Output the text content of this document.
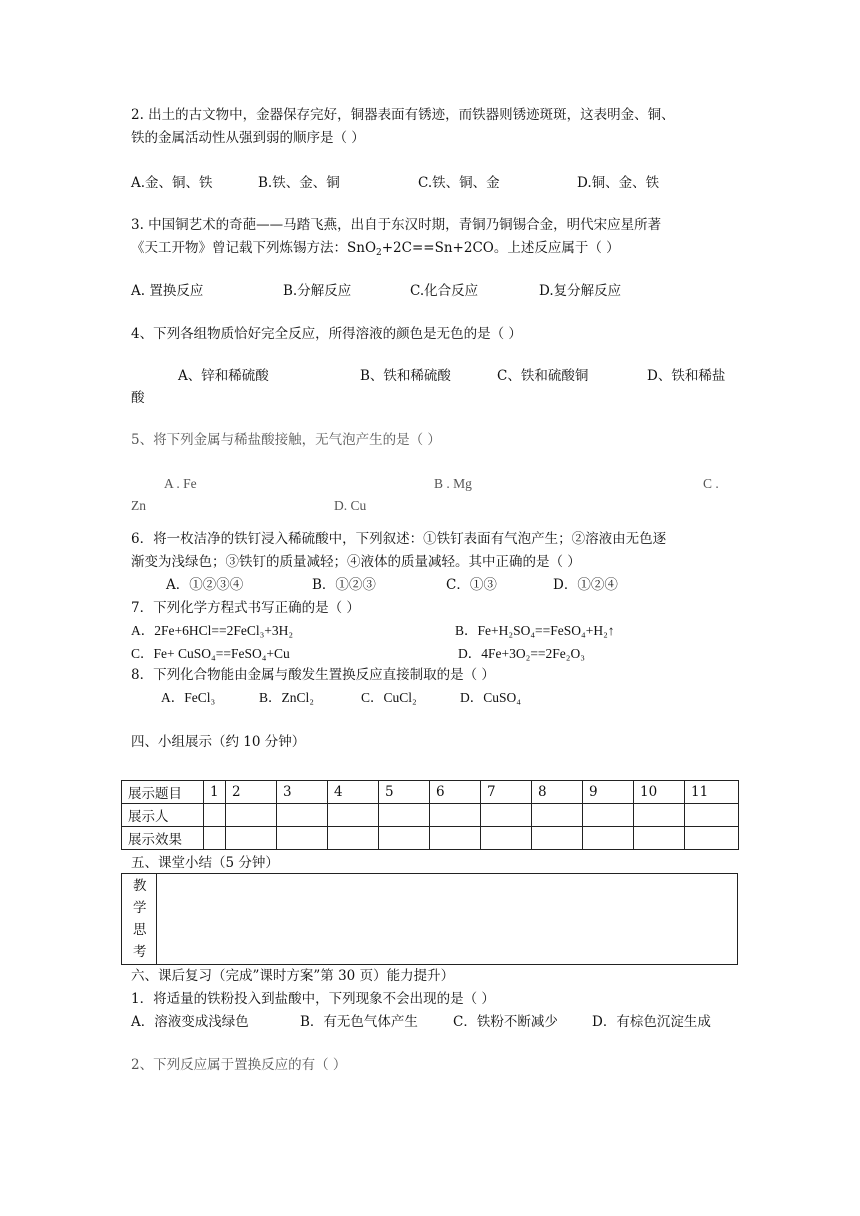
2. 出土的古文物中，金器保存完好，铜器表面有锈迹，而铁器则锈迹斑斑，这表明金、铜、
铁的金属活动性从强到弱的顺序是（ ）
A.金、铜、铁	B.铁、金、铜	C.铁、铜、金	D.铜、金、铁
3. 中国铜艺术的奇葩——马踏飞燕，出自于东汉时期，青铜乃铜锡合金，明代宋应星所著
《天工开物》曾记载下列炼锡方法：SnO$_2$+2C==Sn+2CO。上述反应属于（ ）
A. 置换反应	B.分解反应	C.化合反应	D.复分解反应
4、下列各组物质恰好完全反应，所得溶液的颜色是无色的是（ ）
A、锌和稀硫酸	B、铁和稀硫酸	C、铁和硫酸铜	D、铁和稀盐
酸
5、将下列金属与稀盐酸接触，无气泡产生的是（ ）
A . Fe	B . Mg	C .
Zn	D. Cu
6．将一枚洁净的铁钉浸入稀硫酸中，下列叙述：①铁钉表面有气泡产生；②溶液由无色逐
渐变为浅绿色；③铁钉的质量减轻；④液体的质量减轻。其中正确的是（ ）
A．①②③④	B．①②③	C．①③	D．①②④
7．下列化学方程式书写正确的是（ ）
A．2Fe+6HCl==2FeCl₃+3H₂	B．Fe+H₂SO₄==FeSO₄+H₂↑
C．Fe+ CuSO₄==FeSO₄+Cu	D．4Fe+3O₂==2Fe₂O₃
8．下列化合物能由金属与酸发生置换反应直接制取的是（ ）
A．FeCl₃	B．ZnCl₂	C．CuCl₂	D．CuSO₄
四、小组展示（约 10 分钟）
展示题目	1	2	3	4	5	6	7	8	9	10	11
展示人											
展示效果											
五、课堂小结（5 分钟）
教
学
思
考
六、课后复习（完成”课时方案”第 30 页）能力提升）
1．将适量的铁粉投入到盐酸中，下列现象不会出现的是（ ）
A．溶液变成浅绿色	B．有无色气体产生	C．铁粉不断减少	D．有棕色沉淀生成
2、下列反应属于置换反应的有（ ）
